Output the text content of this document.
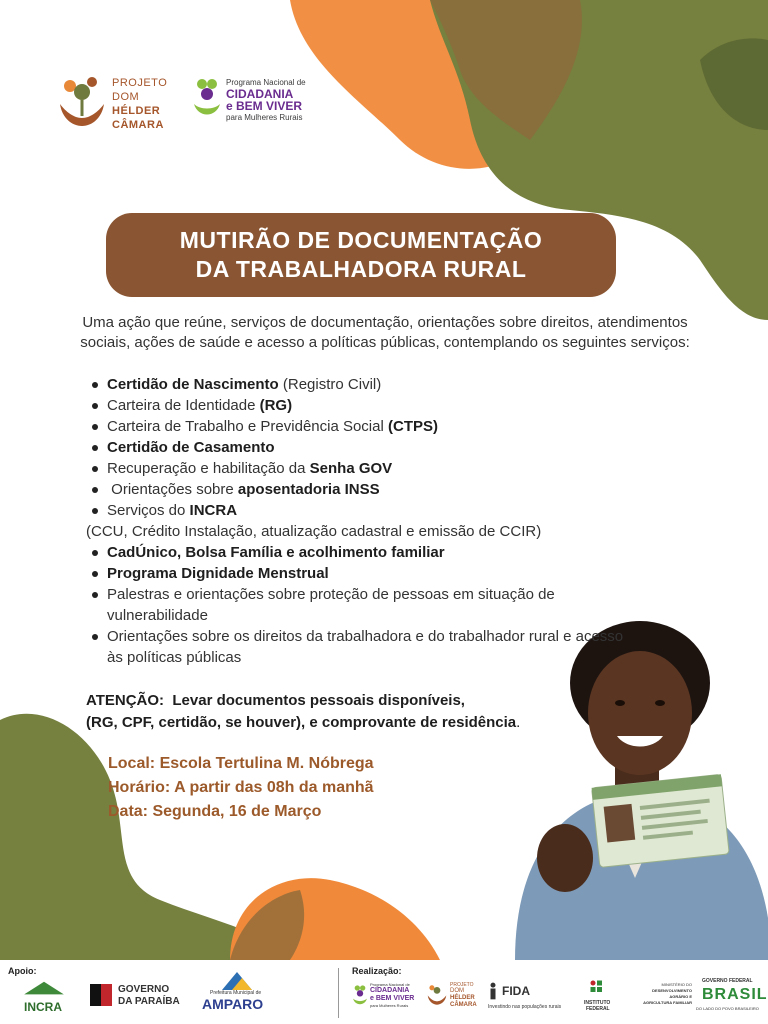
PROJETO
DOM
HÉLDER
CÂMARA
Programa Nacional de
CIDADANIA
e BEM VIVER
para Mulheres Rurais
MUTIRÃO DE DOCUMENTAÇÃO
DA TRABALHADORA RURAL

Uma ação que reúne, serviços de documentação, orientações sobre direitos, atendimentos sociais, ações de saúde e acesso a políticas públicas, contemplando os seguintes serviços:

Certidão de Nascimento (Registro Civil)
Carteira de Identidade (RG)
Carteira de Trabalho e Previdência Social (CTPS)
Certidão de Casamento
Recuperação e habilitação da Senha GOV
Orientações sobre aposentadoria INSS
Serviços do INCRA
(CCU, Crédito Instalação, atualização cadastral e emissão de CCIR)
CadÚnico, Bolsa Família e acolhimento familiar
Programa Dignidade Menstrual
Palestras e orientações sobre proteção de pessoas em situação de vulnerabilidade
Orientações sobre os direitos da trabalhadora e do trabalhador rural e acesso às políticas públicas
ATENÇÃO:  Levar documentos pessoais disponíveis,
(RG, CPF, certidão, se houver), e comprovante de residência.
Local: Escola Tertulina M. Nóbrega
Horário: A partir das 08h da manhã
Data: Segunda, 16 de Março
Apoio:
INCRA
GOVERNO
DA PARAÍBA
Prefeitura Municipal de
AMPARO
Realização:
Programa Nacional de
CIDADANIA
e BEM VIVER
para Mulheres Rurais
PROJETO
DOM
HÉLDER
CÂMARA
FIDA
Investindo nas populações rurais
INSTITUTO
FEDERAL
MINISTÉRIO DO
DESENVOLVIMENTO
AGRÁRIO E
AGRICULTURA FAMILIAR
GOVERNO FEDERAL
BRASIL
DO LADO DO POVO BRASILEIRO
